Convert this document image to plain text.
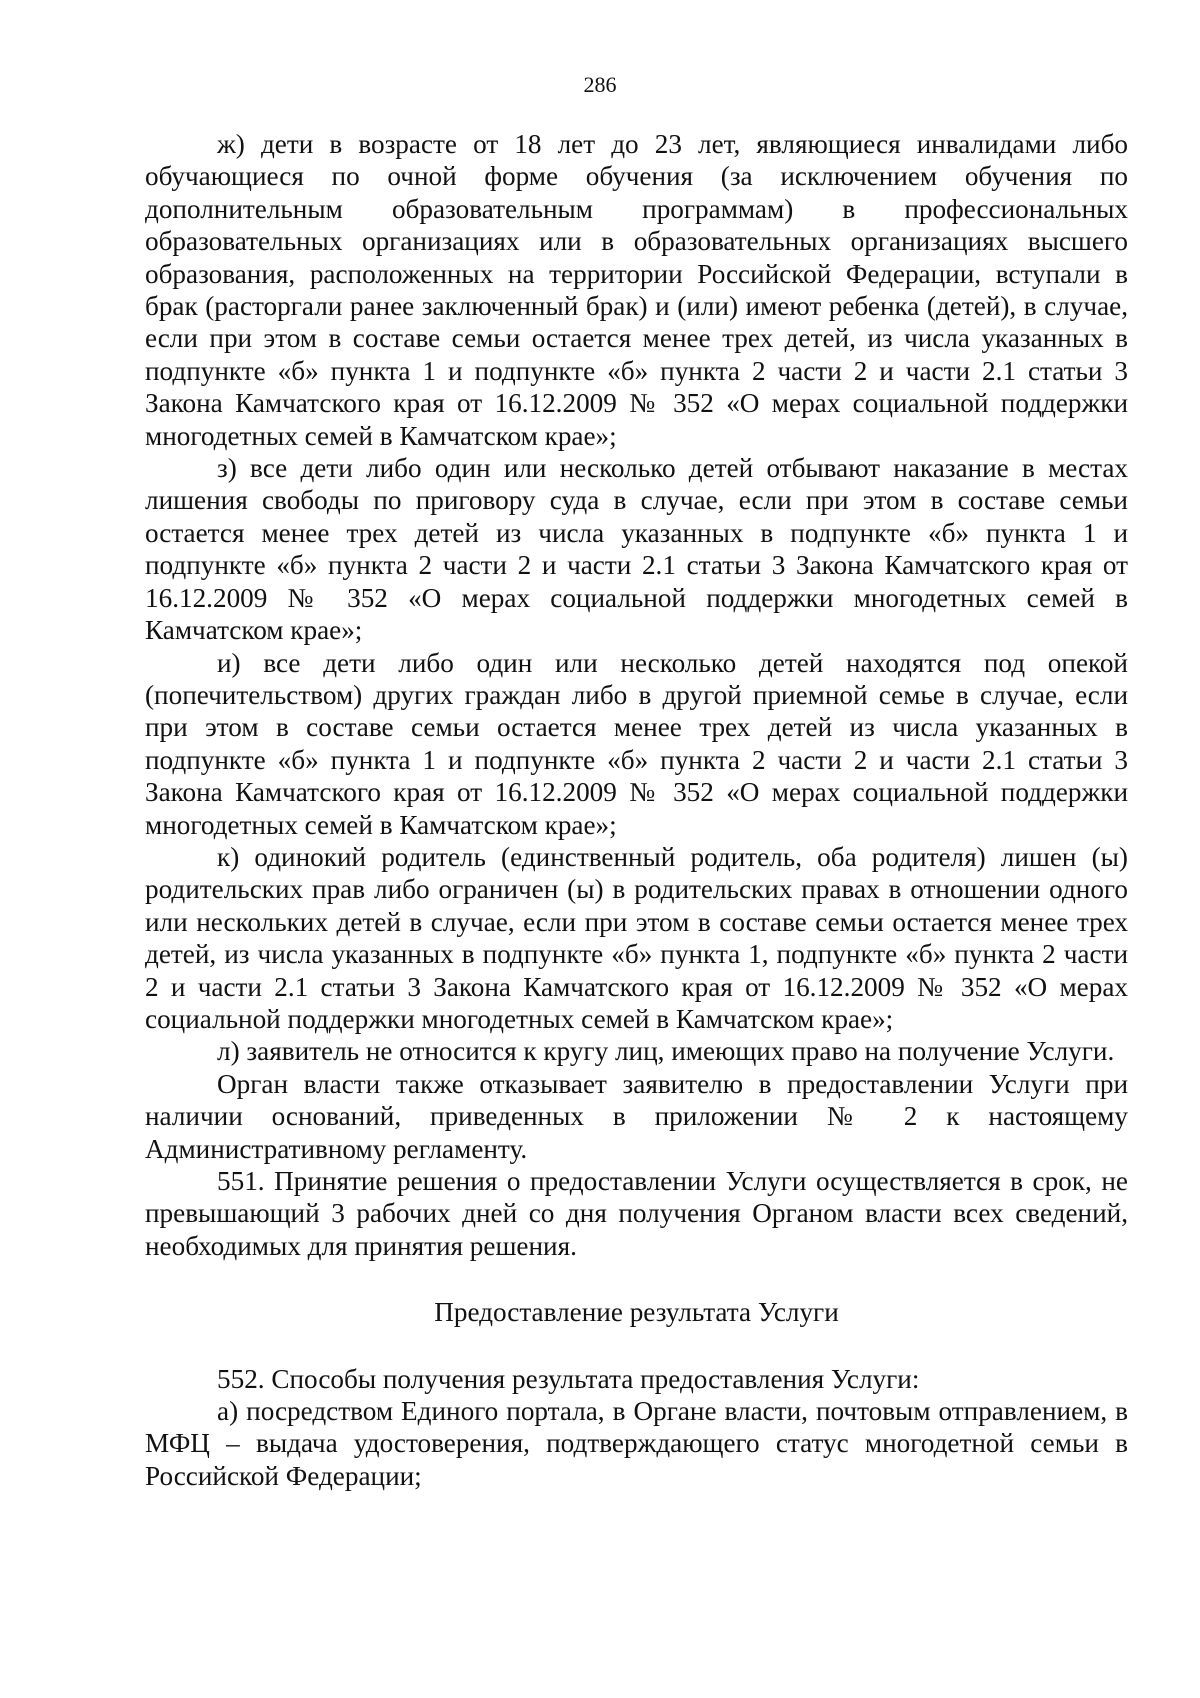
286

ж) дети в возрасте от 18 лет до 23 лет, являющиеся инвалидами либо обучающиеся по очной форме обучения (за исключением обучения по дополнительным образовательным программам) в профессиональных образовательных организациях или в образовательных организациях высшего образования, расположенных на территории Российской Федерации, вступали в брак (расторгали ранее заключенный брак) и (или) имеют ребенка (детей), в случае, если при этом в составе семьи остается менее трех детей, из числа указанных в подпункте «б» пункта 1 и подпункте «б» пункта 2 части 2 и части 2.1 статьи 3 Закона Камчатского края от 16.12.2009 № 352 «О мерах социальной поддержки многодетных семей в Камчатском крае»;

з) все дети либо один или несколько детей отбывают наказание в местах лишения свободы по приговору суда в случае, если при этом в составе семьи остается менее трех детей из числа указанных в подпункте «б» пункта 1 и подпункте «б» пункта 2 части 2 и части 2.1 статьи 3 Закона Камчатского края от 16.12.2009 № 352 «О мерах социальной поддержки многодетных семей в Камчатском крае»;

и) все дети либо один или несколько детей находятся под опекой (попечительством) других граждан либо в другой приемной семье в случае, если при этом в составе семьи остается менее трех детей из числа указанных в подпункте «б» пункта 1 и подпункте «б» пункта 2 части 2 и части 2.1 статьи 3 Закона Камчатского края от 16.12.2009 № 352 «О мерах социальной поддержки многодетных семей в Камчатском крае»;

к) одинокий родитель (единственный родитель, оба родителя) лишен (ы) родительских прав либо ограничен (ы) в родительских правах в отношении одного или нескольких детей в случае, если при этом в составе семьи остается менее трех детей, из числа указанных в подпункте «б» пункта 1, подпункте «б» пункта 2 части 2 и части 2.1 статьи 3 Закона Камчатского края от 16.12.2009 № 352 «О мерах социальной поддержки многодетных семей в Камчатском крае»;

л) заявитель не относится к кругу лиц, имеющих право на получение Услуги.

Орган власти также отказывает заявителю в предоставлении Услуги при наличии оснований, приведенных в приложении № 2 к настоящему Административному регламенту.

551. Принятие решения о предоставлении Услуги осуществляется в срок, не превышающий 3 рабочих дней со дня получения Органом власти всех сведений, необходимых для принятия решения.

Предоставление результата Услуги

552. Способы получения результата предоставления Услуги:

а) посредством Единого портала, в Органе власти, почтовым отправлением, в МФЦ – выдача удостоверения, подтверждающего статус многодетной семьи в Российской Федерации;
